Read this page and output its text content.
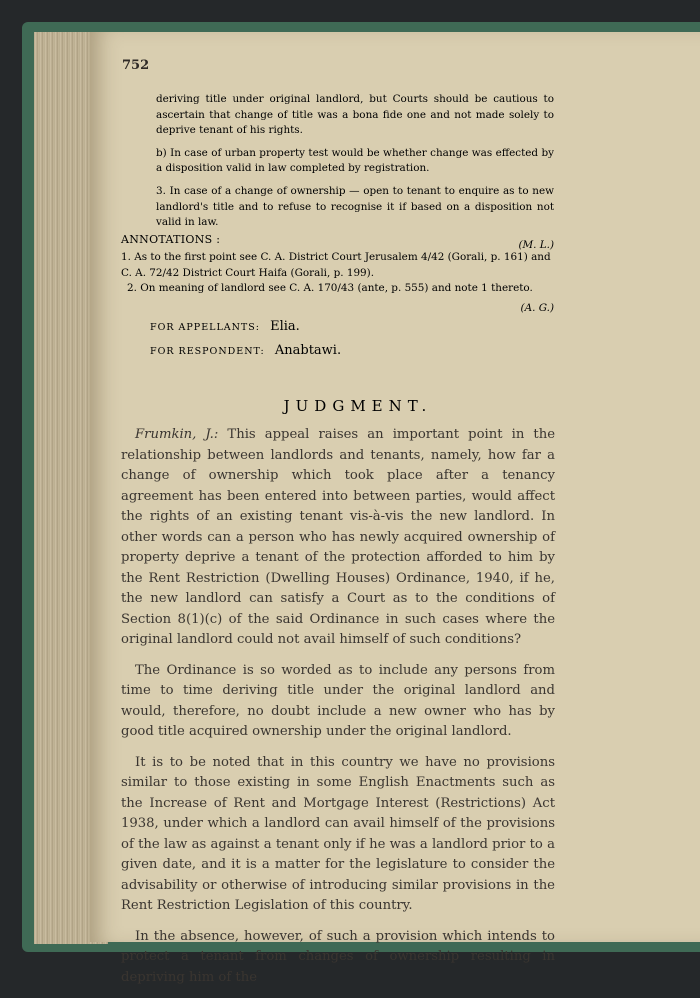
752

deriving title under original landlord, but Courts should be cautious to ascertain that change of title was a bona fide one and not made solely to deprive tenant of his rights.

b) In case of urban property test would be whether change was effected by a disposition valid in law completed by registration.

3. In case of a change of ownership — open to tenant to enquire as to new landlord's title and to refuse to recognise it if based on a disposition not valid in law.

(M. L.)
ANNOTATIONS :

1. As to the first point see C. A. District Court Jerusalem 4/42 (Gorali, p. 161) and C. A. 72/42 District Court Haifa (Gorali, p. 199).

2. On meaning of landlord see C. A. 170/43 (ante, p. 555) and note 1 thereto.

(A. G.)
FOR APPELLANTS: Elia.
FOR RESPONDENT: Anabtawi.
JUDGMENT.

Frumkin, J.: This appeal raises an important point in the relationship between landlords and tenants, namely, how far a change of ownership which took place after a tenancy agreement has been entered into between parties, would affect the rights of an existing tenant vis-à-vis the new landlord. In other words can a person who has newly acquired ownership of property deprive a tenant of the protection afforded to him by the Rent Restriction (Dwelling Houses) Ordinance, 1940, if he, the new landlord can satisfy a Court as to the conditions of Section 8(1)(c) of the said Ordinance in such cases where the original landlord could not avail himself of such conditions?

The Ordinance is so worded as to include any persons from time to time deriving title under the original landlord and would, therefore, no doubt include a new owner who has by good title acquired ownership under the original landlord.

It is to be noted that in this country we have no provisions similar to those existing in some English Enactments such as the Increase of Rent and Mortgage Interest (Restrictions) Act 1938, under which a landlord can avail himself of the provisions of the law as against a tenant only if he was a landlord prior to a given date, and it is a matter for the legislature to consider the advisability or otherwise of introducing similar provisions in the Rent Restriction Legislation of this country.

In the absence, however, of such a provision which intends to protect a tenant from changes of ownership resulting in depriving him of the
